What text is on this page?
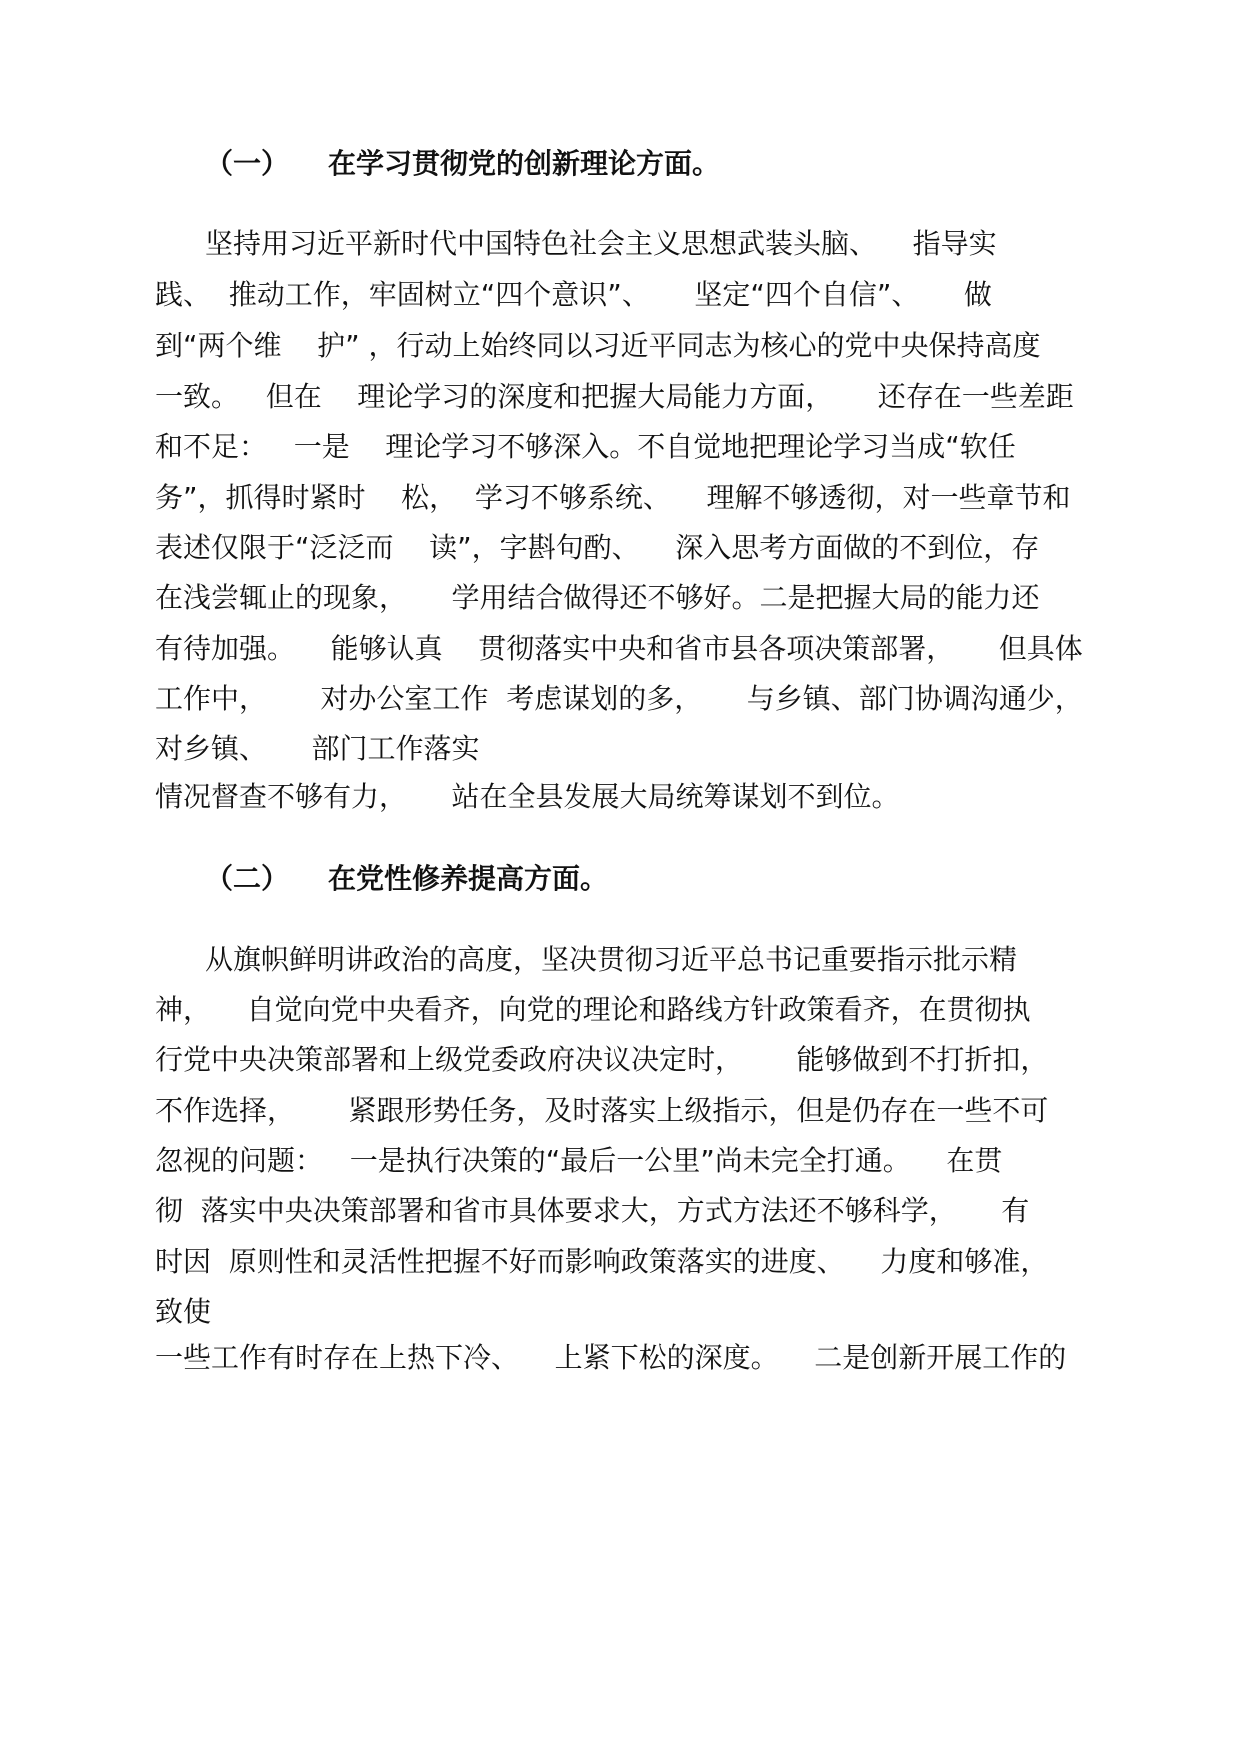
（一）    在学习贯彻党的创新理论方面。
坚持用习近平新时代中国特色社会主义思想武装头脑、    指导实
践、  推动工作，牢固树立“四个意识”、     坚定“四个自信”、     做
到“两个维    护” ，行动上始终同以习近平同志为核心的党中央保持高度
一致。   但在    理论学习的深度和把握大局能力方面，     还存在一些差距
和不足：   一是    理论学习不够深入。不自觉地把理论学习当成“软任
务”，抓得时紧时    松，  学习不够系统、    理解不够透彻，对一些章节和
表述仅限于“泛泛而    读”，字斟句酌、    深入思考方面做的不到位，存
在浅尝辄止的现象，     学用结合做得还不够好。二是把握大局的能力还
有待加强。    能够认真    贯彻落实中央和省市县各项决策部署，     但具体
工作中，      对办公室工作  考虑谋划的多，     与乡镇、部门协调沟通少，
对乡镇、     部门工作落实
情况督查不够有力，     站在全县发展大局统筹谋划不到位。
（二）    在党性修养提高方面。
从旗帜鲜明讲政治的高度，坚决贯彻习近平总书记重要指示批示精
神，    自觉向党中央看齐，向党的理论和路线方针政策看齐，在贯彻执
行党中央决策部署和上级党委政府决议决定时，      能够做到不打折扣，
不作选择，      紧跟形势任务，及时落实上级指示，但是仍存在一些不可
忽视的问题：   一是执行决策的“最后一公里”尚未完全打通。    在贯
彻  落实中央决策部署和省市具体要求大，方式方法还不够科学，     有
时因  原则性和灵活性把握不好而影响政策落实的进度、    力度和够准，
致使
一些工作有时存在上热下冷、    上紧下松的深度。    二是创新开展工作的
